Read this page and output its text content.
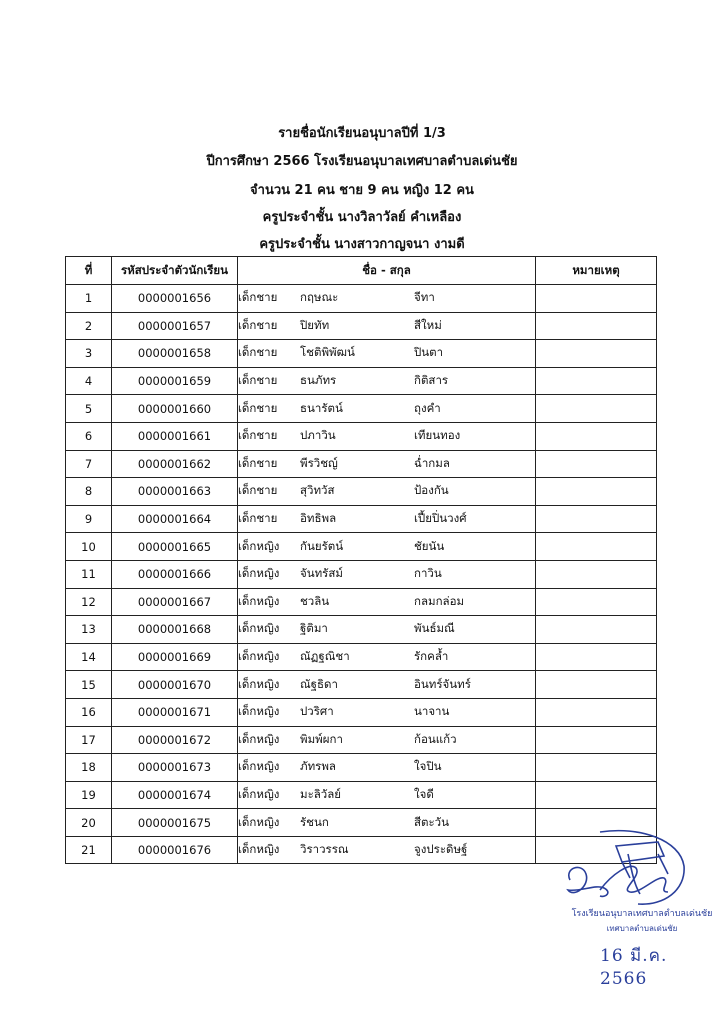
รายชื่อนักเรียนอนุบาลปีที่ 1/3
ปีการศึกษา 2566 โรงเรียนอนุบาลเทศบาลตำบลเด่นชัย
จำนวน 21 คน ชาย 9 คน หญิง 12 คน
ครูประจำชั้น นางวิลาวัลย์ คำเหลือง
ครูประจำชั้น นางสาวกาญจนา งามดี
ที่	รหัสประจำตัวนักเรียน	ชื่อ - สกุล	หมายเหตุ
1	0000001656	เด็กชาย กฤษณะ จีทา	
2	0000001657	เด็กชาย ปิยทัท สีใหม่	
3	0000001658	เด็กชาย โชติพิพัฒน์ ปินตา	
4	0000001659	เด็กชาย ธนภัทร กิติสาร	
5	0000001660	เด็กชาย ธนารัตน์ ถุงคำ	
6	0000001661	เด็กชาย ปภาวิน เทียนทอง	
7	0000001662	เด็กชาย พีรวิชญ์ ฉ่ำกมล	
8	0000001663	เด็กชาย สุวิทวัส ป้องกัน	
9	0000001664	เด็กชาย อิทธิพล เปี้ยปิ่นวงศ์	
10	0000001665	เด็กหญิง กันยรัตน์ ชัยนัน	
11	0000001666	เด็กหญิง จันทรัสม์ กาวิน	
12	0000001667	เด็กหญิง ชวลิน กลมกล่อม	
13	0000001668	เด็กหญิง ฐิติมา พันธ์มณี	
14	0000001669	เด็กหญิง ณัฏฐณิชา รักคล้ำ	
15	0000001670	เด็กหญิง ณัฐธิดา อินทร์จันทร์	
16	0000001671	เด็กหญิง ปวริศา นาจาน	
17	0000001672	เด็กหญิง พิมพ์ผกา ก้อนแก้ว	
18	0000001673	เด็กหญิง ภัทรพล ใจปิน	
19	0000001674	เด็กหญิง มะลิวัลย์ ใจดี	
20	0000001675	เด็กหญิง รัชนก สีตะวัน	
21	0000001676	เด็กหญิง วิราวรรณ จูงประดิษฐ์	
โรงเรียนอนุบาลเทศบาลตำบลเด่นชัย
เทศบาลตำบลเด่นชัย
16 มี.ค. 2566
